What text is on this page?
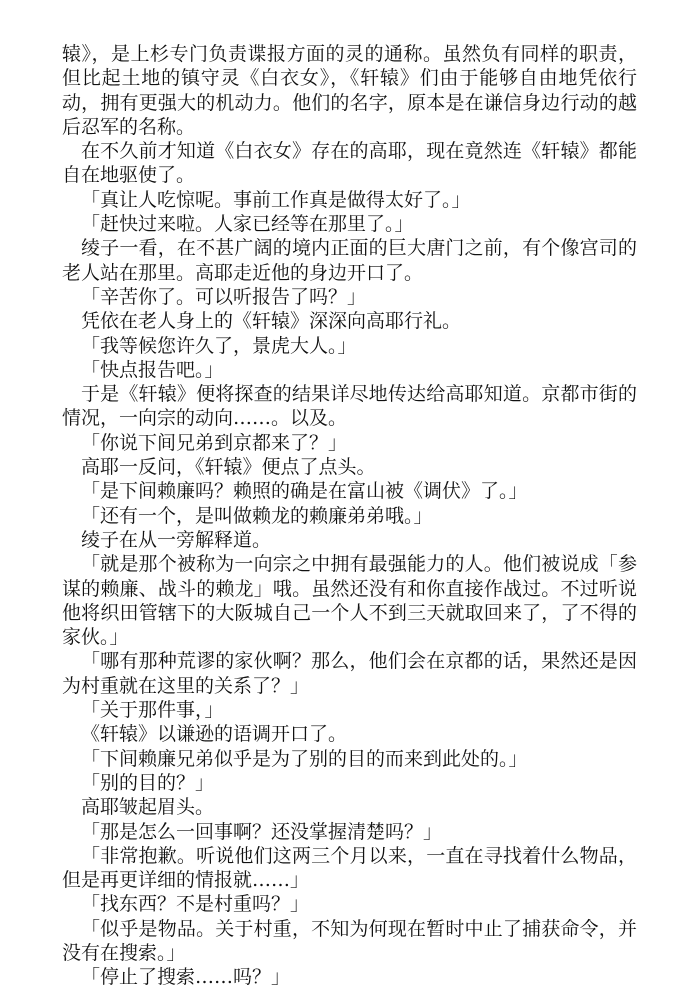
辕》，是上杉专门负责谍报方面的灵的通称。虽然负有同样的职责，但比起土地的镇守灵《白衣女》，《轩辕》们由于能够自由地凭依行动，拥有更强大的机动力。他们的名字，原本是在谦信身边行动的越后忍军的名称。

在不久前才知道《白衣女》存在的高耶，现在竟然连《轩辕》都能自在地驱使了。

「真让人吃惊呢。事前工作真是做得太好了。」

「赶快过来啦。人家已经等在那里了。」

绫子一看，在不甚广阔的境内正面的巨大唐门之前，有个像宫司的老人站在那里。高耶走近他的身边开口了。

「辛苦你了。可以听报告了吗？」

凭依在老人身上的《轩辕》深深向高耶行礼。

「我等候您许久了，景虎大人。」

「快点报告吧。」

于是《轩辕》便将探查的结果详尽地传达给高耶知道。京都市街的情况，一向宗的动向……。以及。

「你说下间兄弟到京都来了？」

高耶一反问，《轩辕》便点了点头。

「是下间赖廉吗？赖照的确是在富山被《调伏》了。」

「还有一个，是叫做赖龙的赖廉弟弟哦。」

绫子在从一旁解释道。

「就是那个被称为一向宗之中拥有最强能力的人。他们被说成「参谋的赖廉、战斗的赖龙」哦。虽然还没有和你直接作战过。不过听说他将织田管辖下的大阪城自己一个人不到三天就取回来了，了不得的家伙。」

「哪有那种荒谬的家伙啊？那么，他们会在京都的话，果然还是因为村重就在这里的关系了？」

「关于那件事，」

《轩辕》以谦逊的语调开口了。

「下间赖廉兄弟似乎是为了别的目的而来到此处的。」

「别的目的？」

高耶皱起眉头。

「那是怎么一回事啊？还没掌握清楚吗？」

「非常抱歉。听说他们这两三个月以来，一直在寻找着什么物品，但是再更详细的情报就……」

「找东西？不是村重吗？」

「似乎是物品。关于村重，不知为何现在暂时中止了捕获命令，并没有在搜索。」

「停止了搜索……吗？」
